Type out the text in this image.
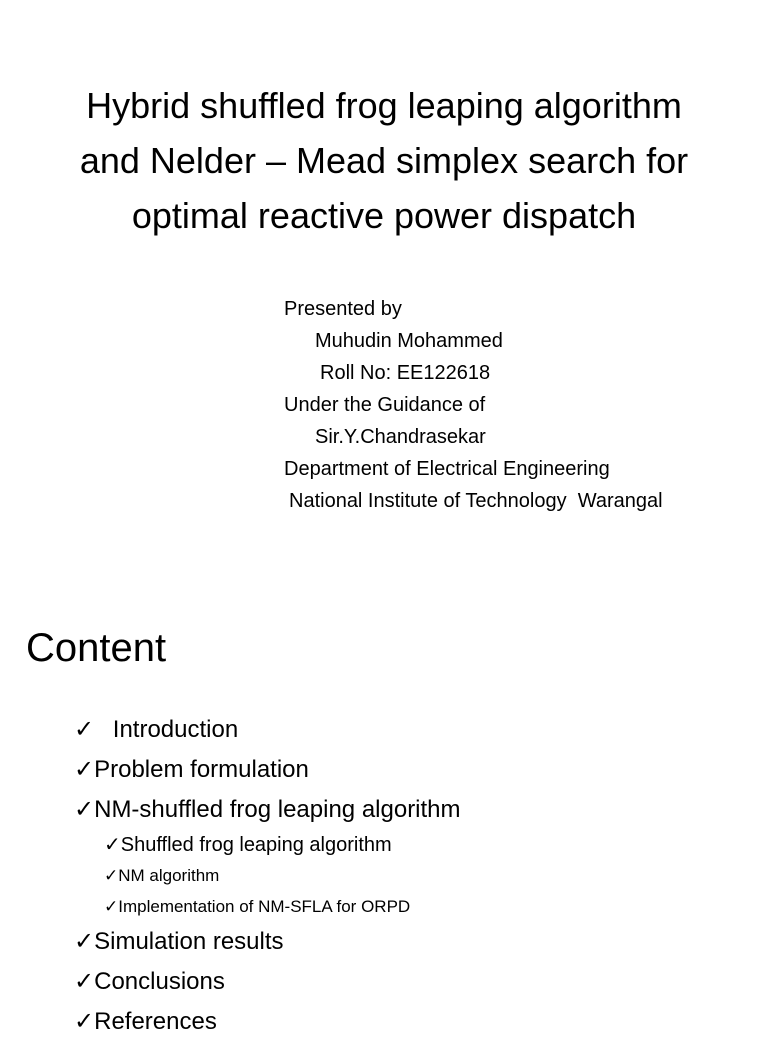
Hybrid shuffled frog leaping algorithm
and Nelder – Mead simplex search for
optimal reactive power dispatch
Presented by
Muhudin Mohammed
Roll No: EE122618
Under the Guidance of
Sir.Y.Chandrasekar
Department of Electrical Engineering
National Institute of Technology  Warangal
Content
✓ Introduction
✓Problem formulation
✓NM-shuffled frog leaping algorithm
✓Shuffled frog leaping algorithm
✓NM algorithm
✓Implementation of NM-SFLA for ORPD
✓Simulation results
✓Conclusions
✓References
